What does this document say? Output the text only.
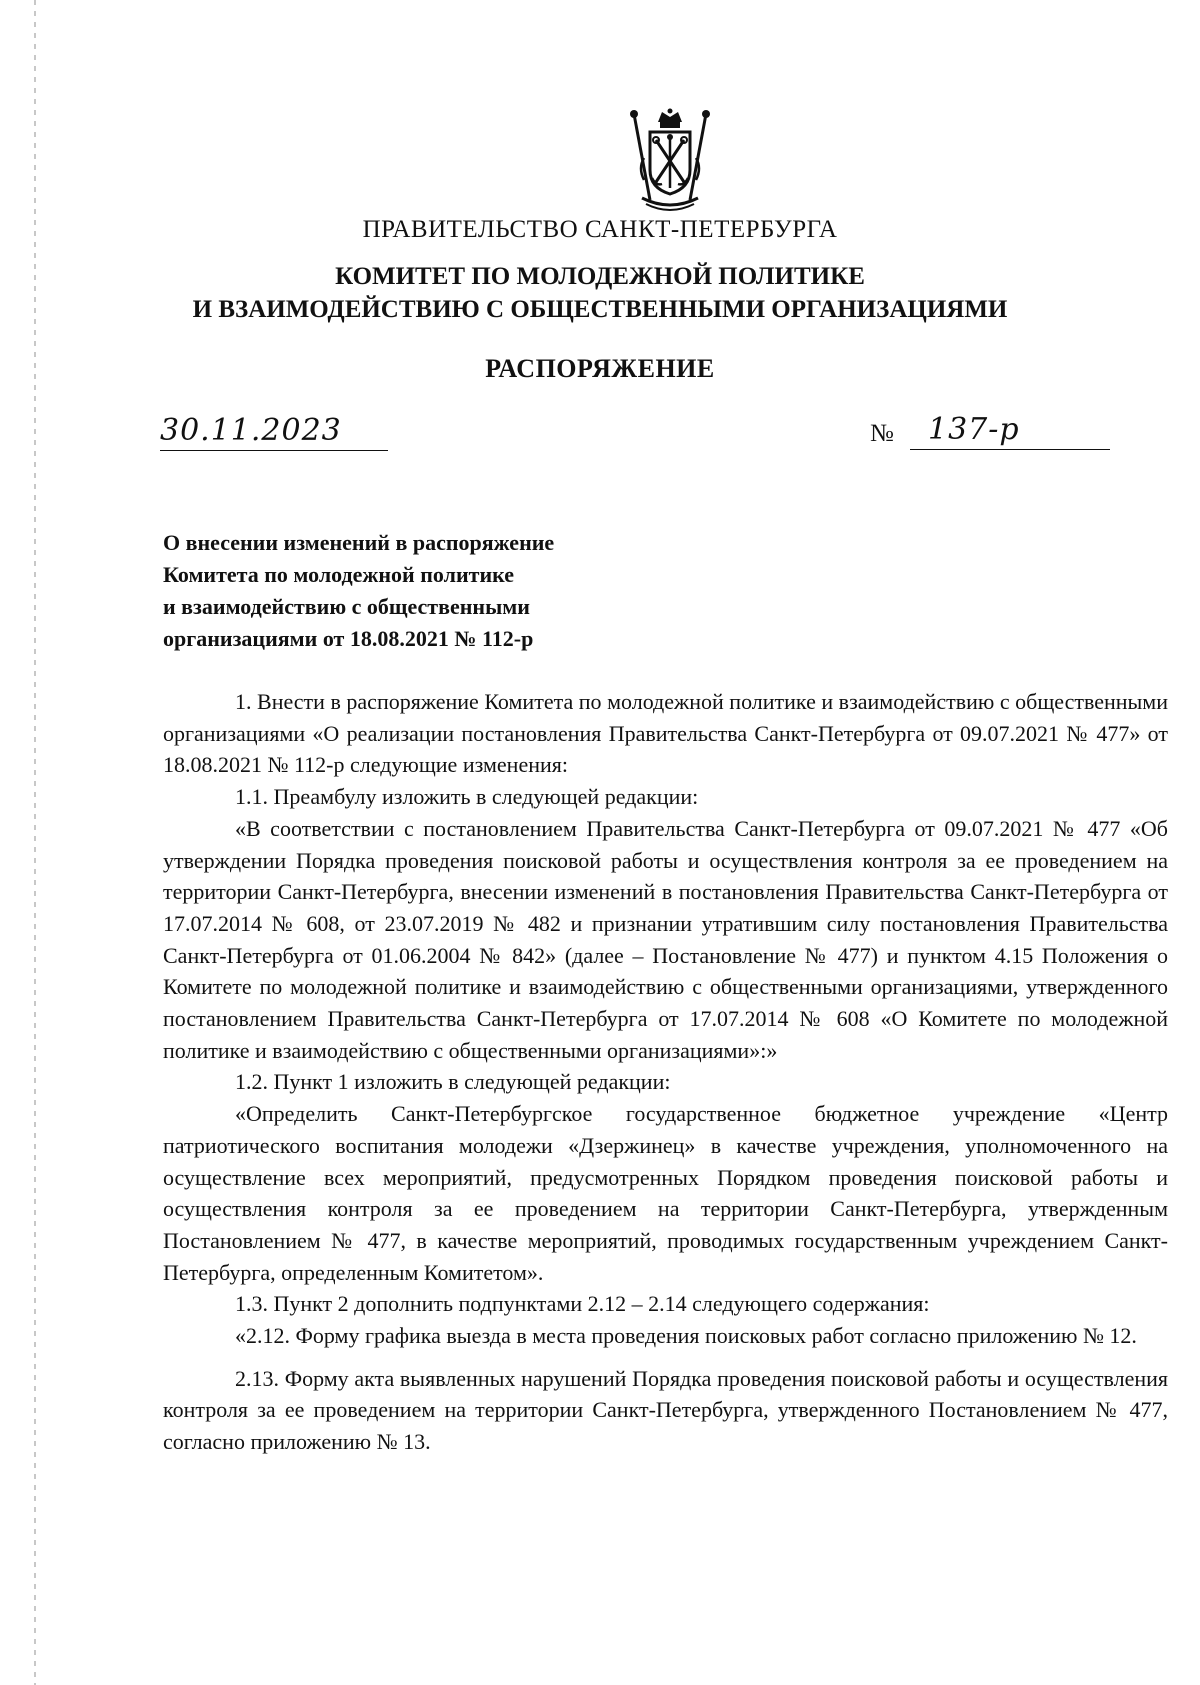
ПРАВИТЕЛЬСТВО САНКТ-ПЕТЕРБУРГА
КОМИТЕТ ПО МОЛОДЕЖНОЙ ПОЛИТИКЕ
И ВЗАИМОДЕЙСТВИЮ С ОБЩЕСТВЕННЫМИ ОРГАНИЗАЦИЯМИ
РАСПОРЯЖЕНИЕ
30.11.2023	№ 137-р
О внесении изменений в распоряжение
Комитета по молодежной политике
и взаимодействию с общественными
организациями от 18.08.2021 № 112-р

1. Внести в распоряжение Комитета по молодежной политике и взаимодействию с общественными организациями «О реализации постановления Правительства Санкт-Петербурга от 09.07.2021 № 477» от 18.08.2021 № 112-р следующие изменения:

1.1. Преамбулу изложить в следующей редакции:

«В соответствии с постановлением Правительства Санкт-Петербурга от 09.07.2021 № 477 «Об утверждении Порядка проведения поисковой работы и осуществления контроля за ее проведением на территории Санкт-Петербурга, внесении изменений в постановления Правительства Санкт-Петербурга от 17.07.2014 № 608, от 23.07.2019 № 482 и признании утратившим силу постановления Правительства Санкт-Петербурга от 01.06.2004 № 842» (далее – Постановление № 477) и пунктом 4.15 Положения о Комитете по молодежной политике и взаимодействию с общественными организациями, утвержденного постановлением Правительства Санкт-Петербурга от 17.07.2014 № 608 «О Комитете по молодежной политике и взаимодействию с общественными организациями»:»

1.2. Пункт 1 изложить в следующей редакции:

«Определить Санкт-Петербургское государственное бюджетное учреждение «Центр патриотического воспитания молодежи «Дзержинец» в качестве учреждения, уполномоченного на осуществление всех мероприятий, предусмотренных Порядком проведения поисковой работы и осуществления контроля за ее проведением на территории Санкт-Петербурга, утвержденным Постановлением № 477, в качестве мероприятий, проводимых государственным учреждением Санкт-Петербурга, определенным Комитетом».

1.3. Пункт 2 дополнить подпунктами 2.12 – 2.14 следующего содержания:

«2.12. Форму графика выезда в места проведения поисковых работ согласно приложению № 12.

2.13. Форму акта выявленных нарушений Порядка проведения поисковой работы и осуществления контроля за ее проведением на территории Санкт-Петербурга, утвержденного Постановлением № 477, согласно приложению № 13.
